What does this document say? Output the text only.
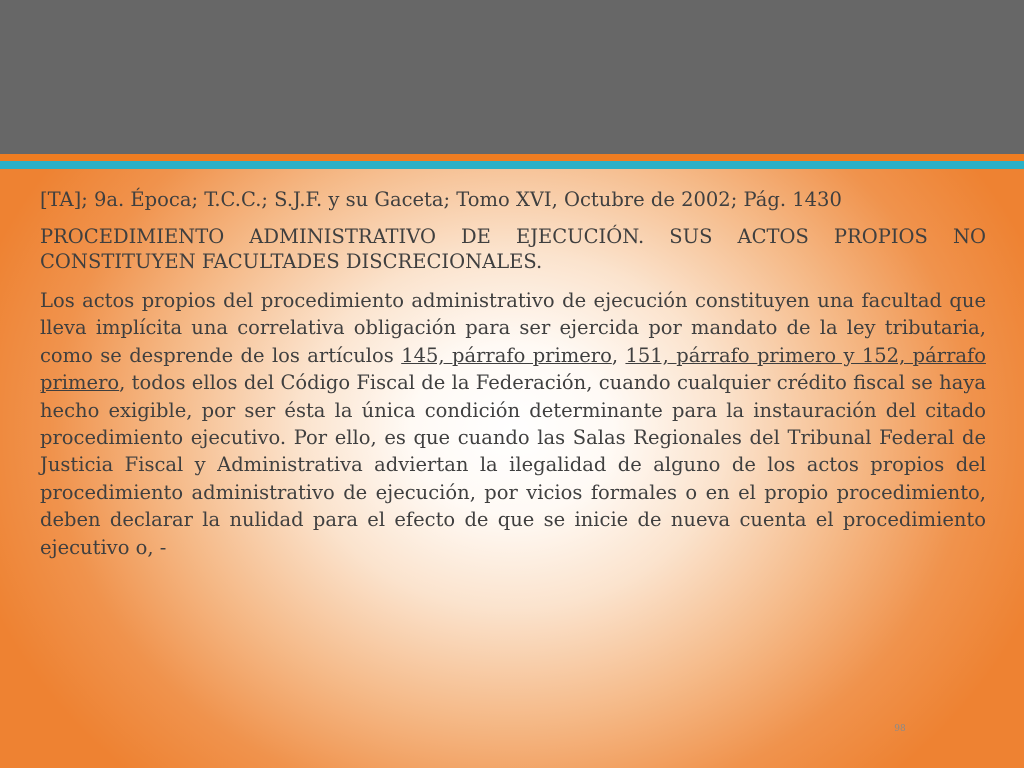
[TA]; 9a. Época; T.C.C.; S.J.F. y su Gaceta; Tomo XVI, Octubre de 2002; Pág. 1430

PROCEDIMIENTO ADMINISTRATIVO DE EJECUCIÓN. SUS ACTOS PROPIOS NO CONSTITUYEN FACULTADES DISCRECIONALES.

Los actos propios del procedimiento administrativo de ejecución constituyen una facultad que lleva implícita una correlativa obligación para ser ejercida por mandato de la ley tributaria, como se desprende de los artículos 145, párrafo primero, 151, párrafo primero y 152, párrafo primero, todos ellos del Código Fiscal de la Federación, cuando cualquier crédito fiscal se haya hecho exigible, por ser ésta la única condición determinante para la instauración del citado procedimiento ejecutivo. Por ello, es que cuando las Salas Regionales del Tribunal Federal de Justicia Fiscal y Administrativa adviertan la ilegalidad de alguno de los actos propios del procedimiento administrativo de ejecución, por vicios formales o en el propio procedimiento, deben declarar la nulidad para el efecto de que se inicie de nueva cuenta el procedimiento ejecutivo o, -

98
